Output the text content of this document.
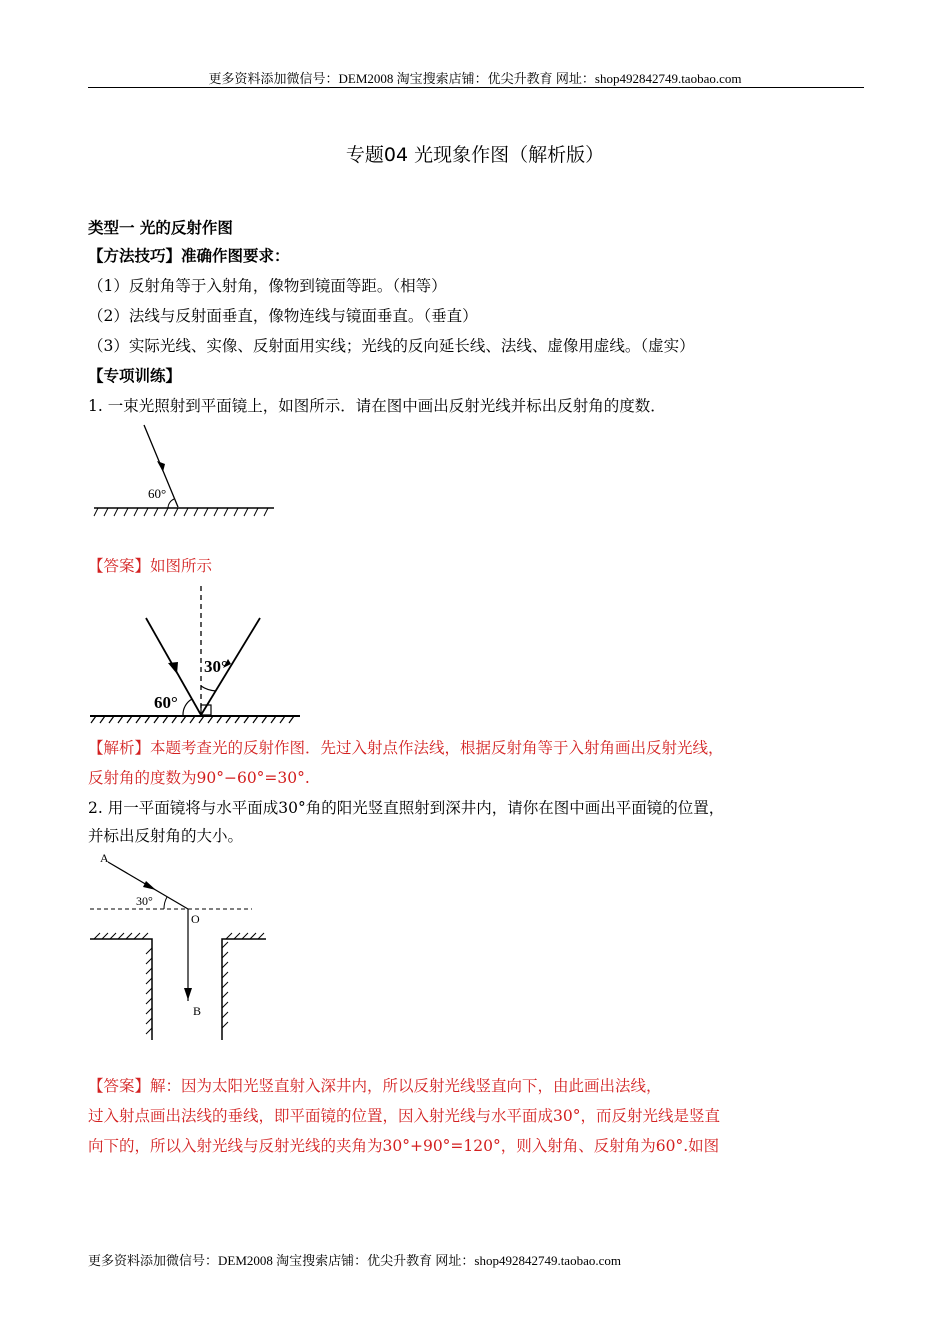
更多资料添加微信号：DEM2008 淘宝搜索店铺：优尖升教育 网址：shop492842749.taobao.com
专题04 光现象作图（解析版）
类型一 光的反射作图
【方法技巧】准确作图要求：
（1）反射角等于入射角，像物到镜面等距。（相等）
（2）法线与反射面垂直，像物连线与镜面垂直。（垂直）
（3）实际光线、实像、反射面用实线；光线的反向延长线、法线、虚像用虚线。（虚实）
【专项训练】
1. 一束光照射到平面镜上，如图所示．请在图中画出反射光线并标出反射角的度数．
60°
【答案】如图所示
60°
30°
【解析】本题考查光的反射作图．先过入射点作法线，根据反射角等于入射角画出反射光线，
反射角的度数为90°−60°=30°.
2. 用一平面镜将与水平面成30°角的阳光竖直照射到深井内，请你在图中画出平面镜的位置，
并标出反射角的大小。
A
O
B
30°
【答案】解：因为太阳光竖直射入深井内，所以反射光线竖直向下，由此画出法线，
过入射点画出法线的垂线，即平面镜的位置，因入射光线与水平面成30°，而反射光线是竖直
向下的，所以入射光线与反射光线的夹角为30°+90°=120°，则入射角、反射角为60°.如图
更多资料添加微信号：DEM2008 淘宝搜索店铺：优尖升教育 网址：shop492842749.taobao.com
